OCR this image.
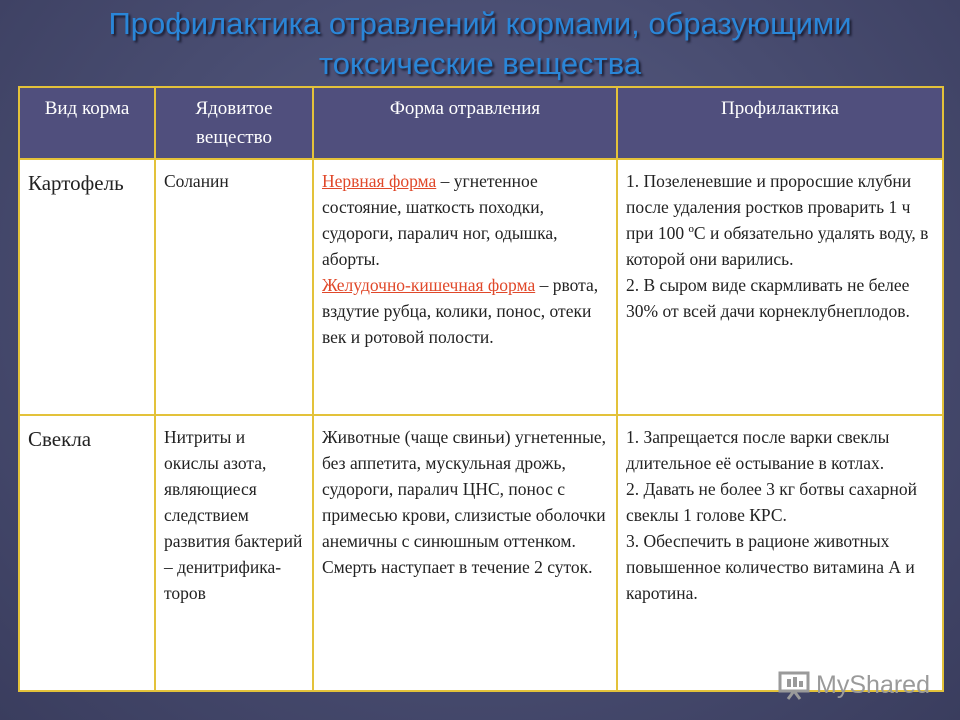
Профилактика отравлений кормами, образующими
токсические вещества
Вид корма	Ядовитое вещество	Форма отравления	Профилактика
Картофель	Соланин	Нервная форма – угнетенное состояние, шаткость походки, судороги, паралич ног, одышка, аборты.
Желудочно-кишечная форма – рвота, вздутие рубца, колики, понос, отеки век и ротовой полости.	1. Позеленевшие и проросшие клубни после удаления ростков проварить 1 ч при 100 ºС и обязательно удалять воду, в которой они варились.
2. В сыром виде скармливать не белее 30% от всей дачи корнеклубнеплодов.
Свекла	Нитриты и окислы азота, являющиеся следствием развития бактерий – денитрифика-торов	Животные (чаще свиньи) угнетенные, без аппетита, мускульная дрожь, судороги, паралич ЦНС, понос с примесью крови, слизистые оболочки анемичны с синюшным оттенком. Смерть наступает в течение 2 суток.	1. Запрещается после варки свеклы длительное её остывание в котлах.
2. Давать не более 3 кг ботвы сахарной свеклы 1 голове КРС.
3. Обеспечить в рационе животных повышенное количество витамина А и каротина.
MyShared
